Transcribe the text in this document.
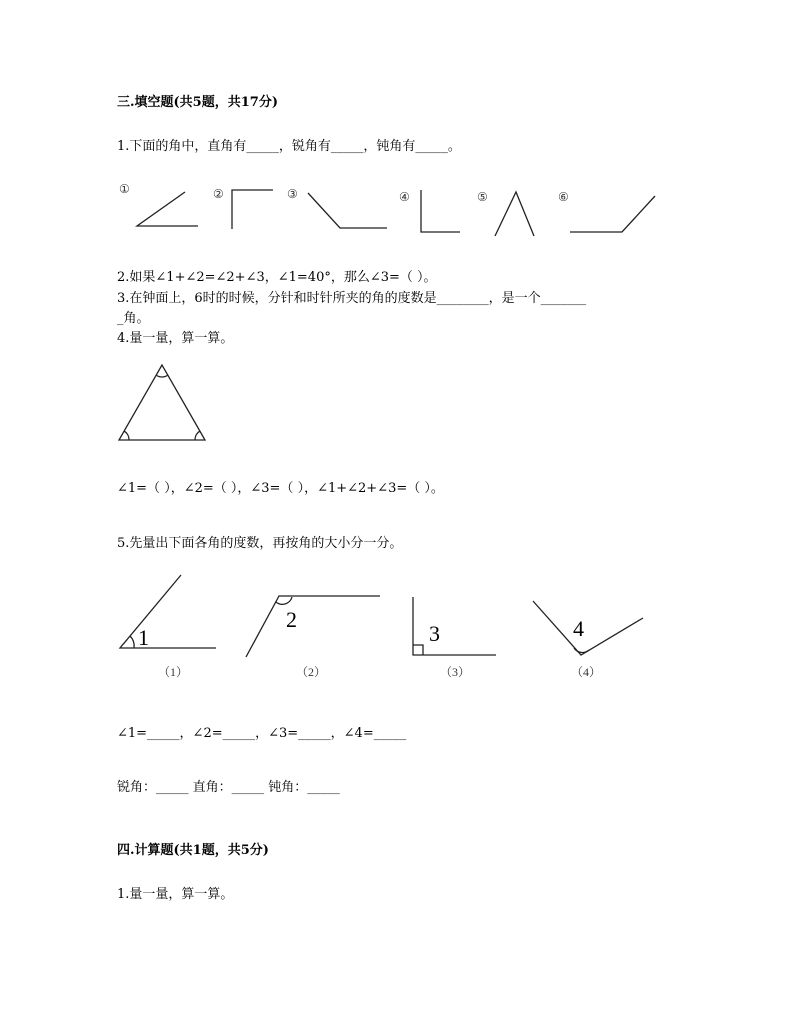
三.填空题(共5题，共17分)
1.下面的角中，直角有_____，锐角有_____，钝角有_____。
①	②	③	④	⑤	⑥
2.如果∠1+∠2=∠2+∠3，∠1=40°，那么∠3=（ ）。
3.在钟面上，6时的时候，分针和时针所夹的角的度数是________，是一个_______
_角。
4.量一量，算一算。
∠1=（ ），∠2=（ ），∠3=（ ），∠1+∠2+∠3=（ ）。
5.先量出下面各角的度数，再按角的大小分一分。
1
（1）
2
（2）
3
（3）
4
（4）
∠1=_____，∠2=_____，∠3=_____，∠4=_____
锐角：_____ 直角：_____ 钝角：_____
四.计算题(共1题，共5分)
1.量一量，算一算。
